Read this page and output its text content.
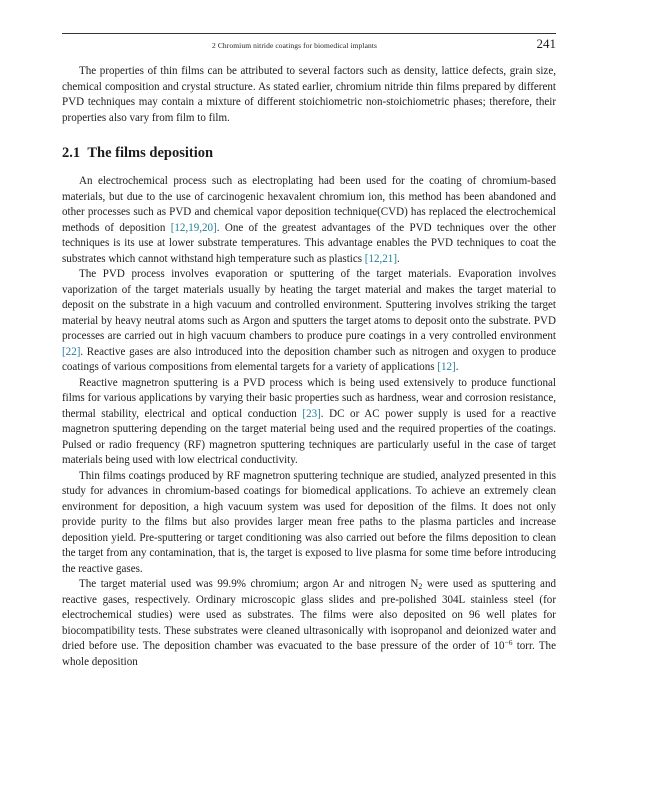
2 Chromium nitride coatings for biomedical implants	241

The properties of thin films can be attributed to several factors such as density, lattice defects, grain size, chemical composition and crystal structure. As stated earlier, chromium nitride thin films prepared by different PVD techniques may contain a mixture of different stoichiometric non-stoichiometric phases; therefore, their properties also vary from film to film.

2.1 The films deposition

An electrochemical process such as electroplating had been used for the coating of chromium-based materials, but due to the use of carcinogenic hexavalent chromium ion, this method has been abandoned and other processes such as PVD and chemical vapor deposition technique(CVD) has replaced the electrochemical methods of deposition [12,19,20]. One of the greatest advantages of the PVD techniques over the other techniques is its use at lower substrate temperatures. This advantage enables the PVD techniques to coat the substrates which cannot withstand high temperature such as plastics [12,21].

The PVD process involves evaporation or sputtering of the target materials. Evaporation involves vaporization of the target materials usually by heating the target material and makes the target material to deposit on the substrate in a high vacuum and controlled environment. Sputtering involves striking the target material by heavy neutral atoms such as Argon and sputters the target atoms to deposit onto the substrate. PVD processes are carried out in high vacuum chambers to produce pure coatings in a very controlled environment [22]. Reactive gases are also introduced into the deposition chamber such as nitrogen and oxygen to produce coatings of various compositions from elemental targets for a variety of applications [12].

Reactive magnetron sputtering is a PVD process which is being used extensively to produce functional films for various applications by varying their basic properties such as hardness, wear and corrosion resistance, thermal stability, electrical and optical conduction [23]. DC or AC power supply is used for a reactive magnetron sputtering depending on the target material being used and the required properties of the coatings. Pulsed or radio frequency (RF) magnetron sputtering techniques are particularly useful in the case of target materials being used with low electrical conductivity.

Thin films coatings produced by RF magnetron sputtering technique are studied, analyzed presented in this study for advances in chromium-based coatings for biomedical applications. To achieve an extremely clean environment for deposition, a high vacuum system was used for deposition of the films. It does not only provide purity to the films but also provides larger mean free paths to the plasma particles and increase deposition yield. Pre-sputtering or target conditioning was also carried out before the films deposition to clean the target from any contamination, that is, the target is exposed to live plasma for some time before introducing the reactive gases.

The target material used was 99.9% chromium; argon Ar and nitrogen $N_2$ were used as sputtering and reactive gases, respectively. Ordinary microscopic glass slides and pre-polished 304L stainless steel (for electrochemical studies) were used as substrates. The films were also deposited on 96 well plates for biocompatibility tests. These substrates were cleaned ultrasonically with isopropanol and deionized water and dried before use. The deposition chamber was evacuated to the base pressure of the order of $10^{-6}$ torr. The whole deposition
